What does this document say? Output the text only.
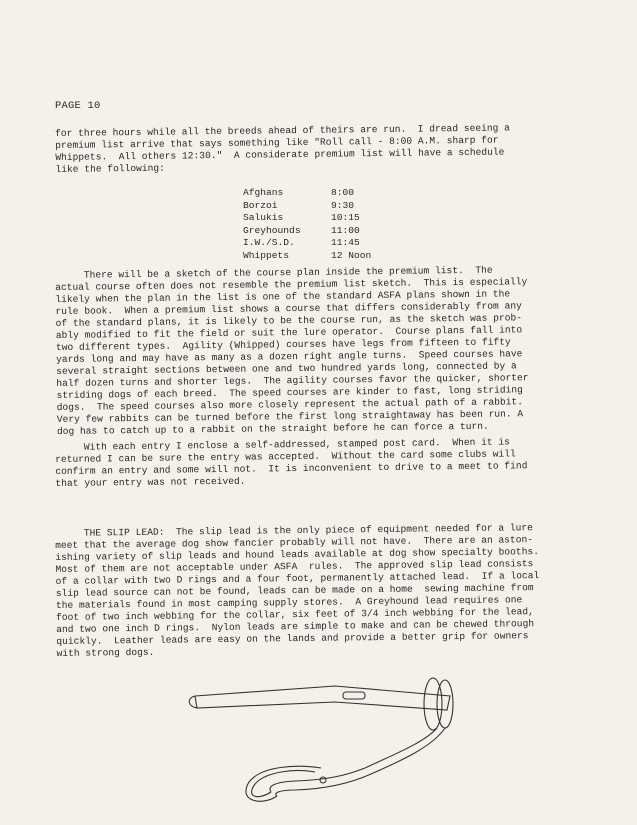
PAGE 10
for three hours while all the breeds ahead of theirs are run.  I dread seeing a
premium list arrive that says something like "Roll call - 8:00 A.M. sharp for
Whippets.  All others 12:30."  A considerate premium list will have a schedule
like the following:
Afghans	8:00
Borzoi	9:30
Salukis	10:15
Greyhounds	11:00
I.W./S.D.	11:45
Whippets	12 Noon
There will be a sketch of the course plan inside the premium list.  The
actual course often does not resemble the premium list sketch.  This is especially
likely when the plan in the list is one of the standard ASFA plans shown in the
rule book.  When a premium list shows a course that differs considerably from any
of the standard plans, it is likely to be the course run, as the sketch was prob-
ably modified to fit the field or suit the lure operator.  Course plans fall into
two different types.  Agility (Whipped) courses have legs from fifteen to fifty
yards long and may have as many as a dozen right angle turns.  Speed courses have
several straight sections between one and two hundred yards long, connected by a
half dozen turns and shorter legs.  The agility courses favor the quicker, shorter
striding dogs of each breed.  The speed courses are kinder to fast, long striding
dogs.  The speed courses also more closely represent the actual path of a rabbit.
Very few rabbits can be turned before the first long straightaway has been run. A
dog has to catch up to a rabbit on the straight before he can force a turn.
With each entry I enclose a self-addressed, stamped post card.  When it is
returned I can be sure the entry was accepted.  Without the card some clubs will
confirm an entry and some will not.  It is inconvenient to drive to a meet to find
that your entry was not received.
THE SLIP LEAD:  The slip lead is the only piece of equipment needed for a lure
meet that the average dog show fancier probably will not have.  There are an aston-
ishing variety of slip leads and hound leads available at dog show specialty booths.
Most of them are not acceptable under ASFA  rules.  The approved slip lead consists
of a collar with two D rings and a four foot, permanently attached lead.  If a local
slip lead source can not be found, leads can be made on a home  sewing machine from
the materials found in most camping supply stores.  A Greyhound lead requires one
foot of two inch webbing for the collar, six feet of 3/4 inch webbing for the lead,
and two one inch D rings.  Nylon leads are simple to make and can be chewed through
quickly.  Leather leads are easy on the lands and provide a better grip for owners
with strong dogs.
